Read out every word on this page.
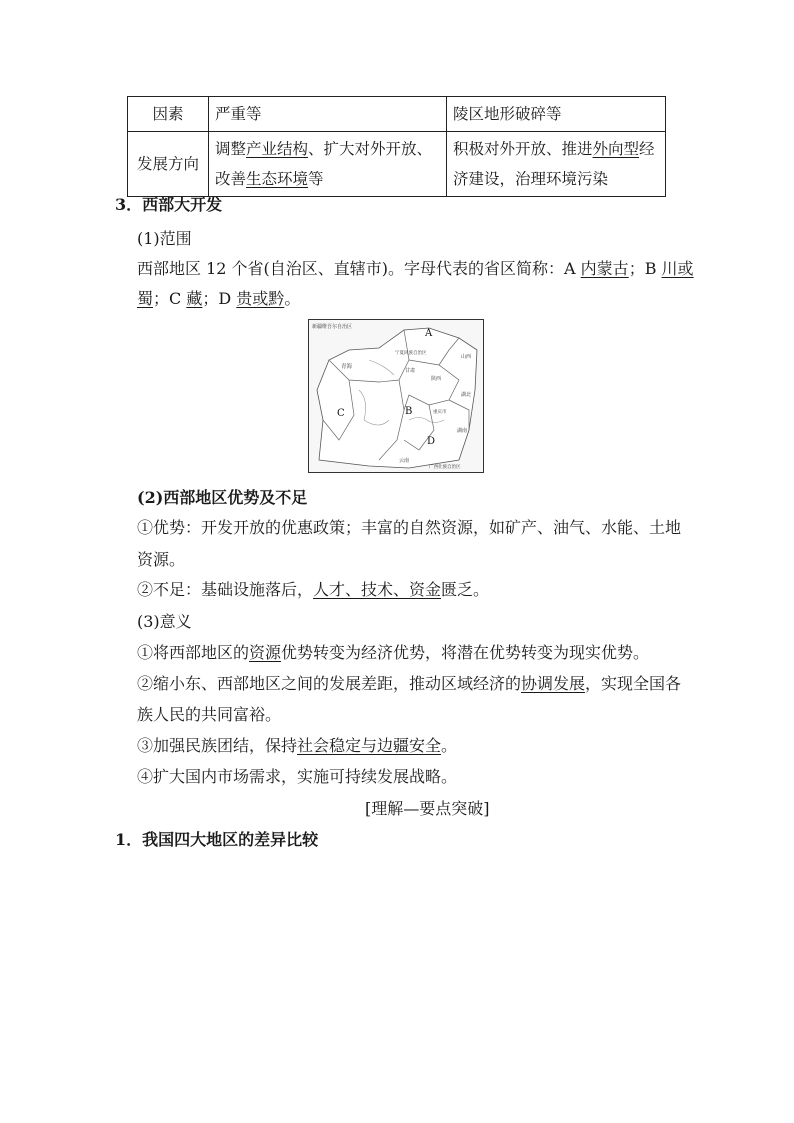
因素	严重等	陵区地形破碎等
发展方向	调整产业结构、扩大对外开放、改善生态环境等	积极对外开放、推进外向型经济建设，治理环境污染
3．西部大开发
(1)范围
西部地区 12 个省(自治区、直辖市)。字母代表的省区简称：A 内蒙古；B 川或
蜀；C 藏；D 贵或黔。
新疆维吾尔自治区
青海
宁夏回族自治区
甘肃
陕西
山西
湖北
重庆市
湖南
云南
广西壮族自治区
A
B
C
D
(2)西部地区优势及不足
①优势：开发开放的优惠政策；丰富的自然资源，如矿产、油气、水能、土地
资源。
②不足：基础设施落后，人才、技术、资金匮乏。
(3)意义
①将西部地区的资源优势转变为经济优势，将潜在优势转变为现实优势。
②缩小东、西部地区之间的发展差距，推动区域经济的协调发展，实现全国各
族人民的共同富裕。
③加强民族团结，保持社会稳定与边疆安全。
④扩大国内市场需求，实施可持续发展战略。
[理解—要点突破]
1．我国四大地区的差异比较
